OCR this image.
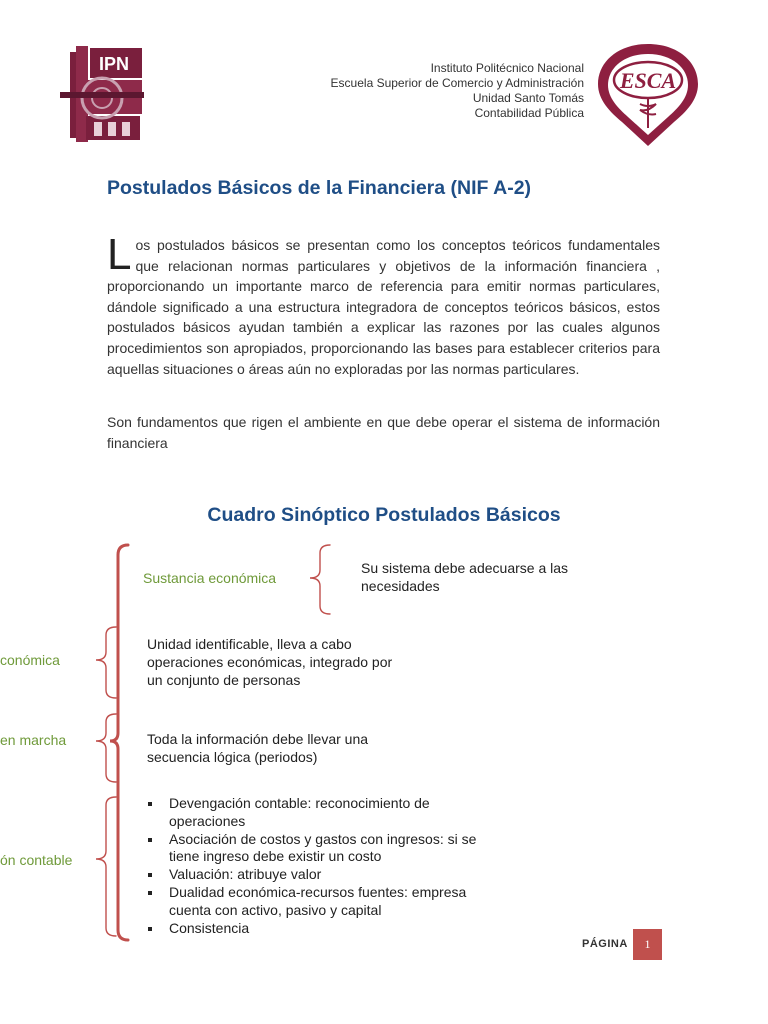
IPN	Instituto Politécnico Nacional
Escuela Superior de Comercio y Administración
Unidad Santo Tomás
Contabilidad Pública
ESCA
Postulados Básicos de la Financiera (NIF A-2)

Los postulados básicos se presentan como los conceptos teóricos fundamentales que relacionan normas particulares y objetivos de la información financiera , proporcionando un importante marco de referencia para emitir normas particulares, dándole significado a una estructura integradora de conceptos teóricos básicos, estos postulados básicos ayudan también a explicar las razones por las cuales algunos procedimientos son apropiados, proporcionando las bases para establecer criterios para aquellas situaciones o áreas aún no exploradas por las normas particulares.

Son fundamentos que rigen el ambiente en que debe operar el sistema de información financiera

Cuadro Sinóptico Postulados Básicos
Sustancia económica
conómica
en marcha
ón contable
Su sistema debe adecuarse a las necesidades
Unidad identificable, lleva a cabo operaciones económicas, integrado por un conjunto de personas
Toda la información debe llevar una secuencia lógica (periodos)
Devengación contable: reconocimiento de operaciones
Asociación de costos y gastos con ingresos: si se tiene ingreso debe existir un costo
Valuación: atribuye valor
Dualidad económica-recursos fuentes: empresa cuenta con activo, pasivo y capital
Consistencia
PÁGINA 1
